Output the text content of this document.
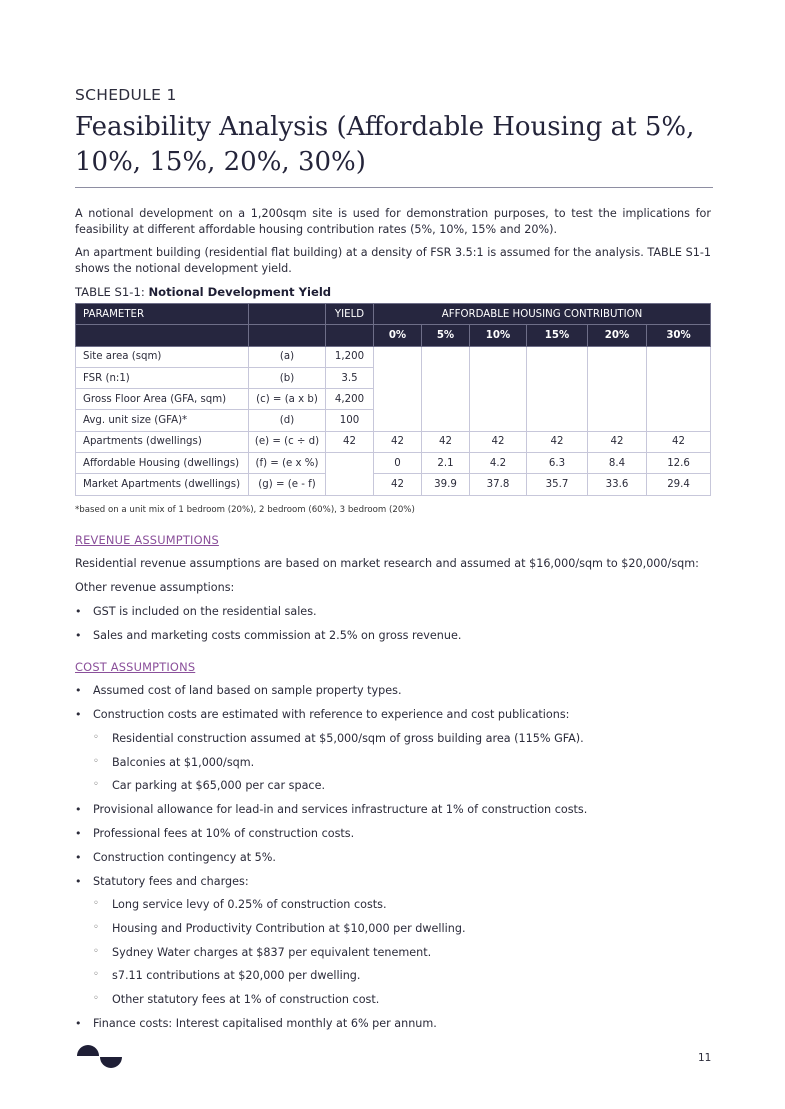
SCHEDULE 1
Feasibility Analysis (Affordable Housing at 5%, 10%, 15%, 20%, 30%)

A notional development on a 1,200sqm site is used for demonstration purposes, to test the implications for feasibility at different affordable housing contribution rates (5%, 10%, 15% and 20%).

An apartment building (residential flat building) at a density of FSR 3.5:1 is assumed for the analysis. TABLE S1-1 shows the notional development yield.

TABLE S1-1: Notional Development Yield
PARAMETER		YIELD	AFFORDABLE HOUSING CONTRIBUTION					
			0%	5%	10%	15%	20%	30%
Site area (sqm)	(a)	1,200						
FSR (n:1)	(b)	3.5						
Gross Floor Area (GFA, sqm)	(c) = (a x b)	4,200						
Avg. unit size (GFA)*	(d)	100						
Apartments (dwellings)	(e) = (c ÷ d)	42	42	42	42	42	42	42
Affordable Housing (dwellings)	(f) = (e x %)		0	2.1	4.2	6.3	8.4	12.6
Market Apartments (dwellings)	(g) = (e - f)		42	39.9	37.8	35.7	33.6	29.4
*based on a unit mix of 1 bedroom (20%), 2 bedroom (60%), 3 bedroom (20%)
REVENUE ASSUMPTIONS
Residential revenue assumptions are based on market research and assumed at $16,000/sqm to $20,000/sqm:
Other revenue assumptions:
• GST is included on the residential sales.
• Sales and marketing costs commission at 2.5% on gross revenue.
COST ASSUMPTIONS
• Assumed cost of land based on sample property types.
• Construction costs are estimated with reference to experience and cost publications:
◦ Residential construction assumed at $5,000/sqm of gross building area (115% GFA).
◦ Balconies at $1,000/sqm.
◦ Car parking at $65,000 per car space.
• Provisional allowance for lead-in and services infrastructure at 1% of construction costs.
• Professional fees at 10% of construction costs.
• Construction contingency at 5%.
• Statutory fees and charges:
◦ Long service levy of 0.25% of construction costs.
◦ Housing and Productivity Contribution at $10,000 per dwelling.
◦ Sydney Water charges at $837 per equivalent tenement.
◦ s7.11 contributions at $20,000 per dwelling.
◦ Other statutory fees at 1% of construction cost.
• Finance costs: Interest capitalised monthly at 6% per annum.
11
